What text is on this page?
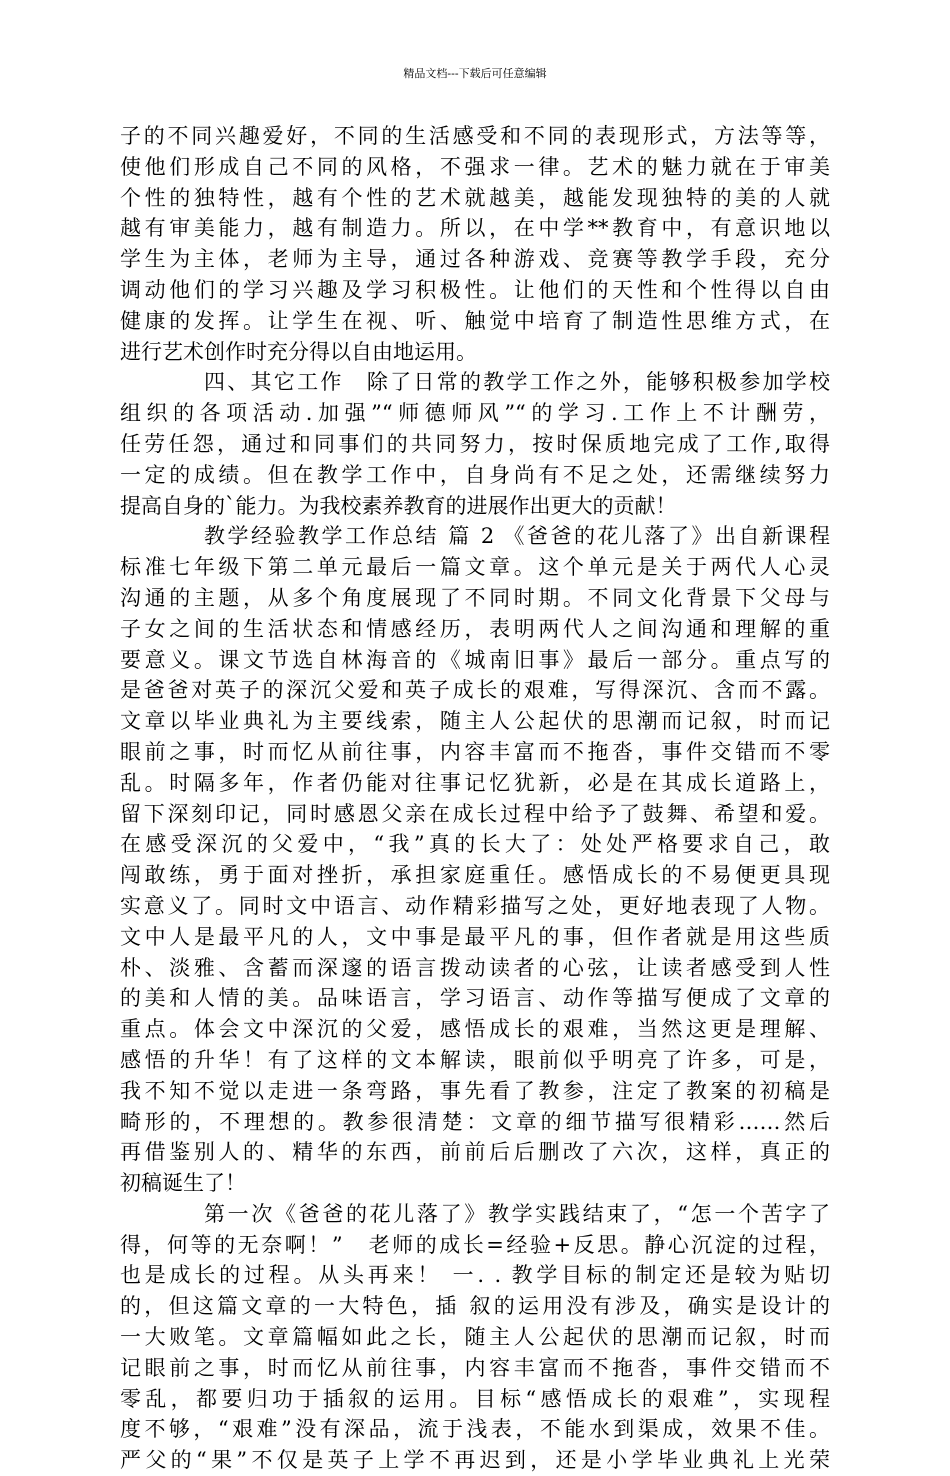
精品文档---下载后可任意编辑
子的不同兴趣爱好，不同的生活感受和不同的表现形式，方法等等，
使他们形成自己不同的风格，不强求一律。艺术的魅力就在于审美
个性的独特性，越有个性的艺术就越美，越能发现独特的美的人就
越有审美能力，越有制造力。所以，在中学**教育中，有意识地以
学生为主体，老师为主导，通过各种游戏、竞赛等教学手段，充分
调动他们的学习兴趣及学习积极性。让他们的天性和个性得以自由
健康的发挥。让学生在视、听、触觉中培育了制造性思维方式，在
进行艺术创作时充分得以自由地运用。
四、其它工作　除了日常的教学工作之外，能够积极参加学校
组织的各项活动.加强”“师德师风”“的学习.工作上不计酬劳，
任劳任怨，通过和同事们的共同努力，按时保质地完成了工作,取得
一定的成绩。但在教学工作中，自身尚有不足之处，还需继续努力
提高自身的`能力。为我校素养教育的进展作出更大的贡献！
教学经验教学工作总结 篇 2 《爸爸的花儿落了》出自新课程
标准七年级下第二单元最后一篇文章。这个单元是关于两代人心灵
沟通的主题，从多个角度展现了不同时期。不同文化背景下父母与
子女之间的生活状态和情感经历，表明两代人之间沟通和理解的重
要意义。课文节选自林海音的《城南旧事》最后一部分。重点写的
是爸爸对英子的深沉父爱和英子成长的艰难，写得深沉、含而不露。
文章以毕业典礼为主要线索，随主人公起伏的思潮而记叙，时而记
眼前之事，时而忆从前往事，内容丰富而不拖沓，事件交错而不零
乱。时隔多年，作者仍能对往事记忆犹新，必是在其成长道路上，
留下深刻印记，同时感恩父亲在成长过程中给予了鼓舞、希望和爱。
在感受深沉的父爱中，“我”真的长大了：处处严格要求自己，敢
闯敢练，勇于面对挫折，承担家庭重任。感悟成长的不易便更具现
实意义了。同时文中语言、动作精彩描写之处，更好地表现了人物。
文中人是最平凡的人，文中事是最平凡的事，但作者就是用这些质
朴、淡雅、含蓄而深邃的语言拨动读者的心弦，让读者感受到人性
的美和人情的美。品味语言，学习语言、动作等描写便成了文章的
重点。体会文中深沉的父爱，感悟成长的艰难，当然这更是理解、
感悟的升华！有了这样的文本解读，眼前似乎明亮了许多，可是，
我不知不觉以走进一条弯路，事先看了教参，注定了教案的初稿是
畸形的，不理想的。教参很清楚：文章的细节描写很精彩……然后
再借鉴别人的、精华的东西，前前后后删改了六次，这样，真正的
初稿诞生了！
第一次《爸爸的花儿落了》教学实践结束了，“怎一个苦字了
得，何等的无奈啊！”　老师的成长=经验+反思。静心沉淀的过程，
也是成长的过程。从头再来！ 一. . 教学目标的制定还是较为贴切
的，但这篇文章的一大特色，插 叙的运用没有涉及，确实是设计的
一大败笔。文章篇幅如此之长，随主人公起伏的思潮而记叙，时而
记眼前之事，时而忆从前往事，内容丰富而不拖沓，事件交错而不
零乱，都要归功于插叙的运用。目标“感悟成长的艰难”，实现程
度不够，“艰难”没有深品，流于浅表，不能水到渠成，效果不佳。
严父的“果”不仅是英子上学不再迟到，还是小学毕业典礼上光荣
